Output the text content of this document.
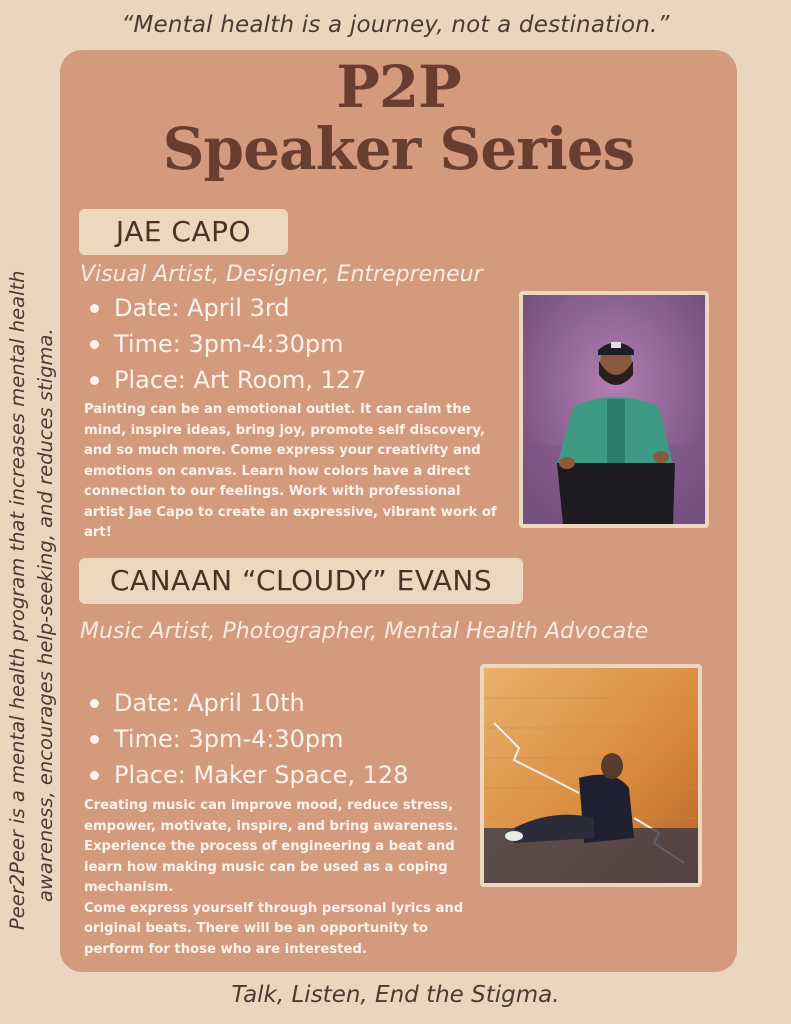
“Mental health is a journey, not a destination.”
Peer2Peer is a mental health program that increases mental health awareness, encourages help-seeking, and reduces stigma.
P2P
Speaker Series
JAE CAPO
Visual Artist, Designer, Entrepreneur
Date: April 3rd
Time: 3pm-4:30pm
Place: Art Room, 127
Painting can be an emotional outlet. It can calm the mind, inspire ideas, bring joy, promote self discovery, and so much more. Come express your creativity and emotions on canvas. Learn how colors have a direct connection to our feelings. Work with professional artist Jae Capo to create an expressive, vibrant work of art!
CANAAN “CLOUDY” EVANS
Music Artist, Photographer, Mental Health Advocate
Date: April 10th
Time: 3pm-4:30pm
Place: Maker Space, 128
Creating music can improve mood, reduce stress, empower, motivate, inspire, and bring awareness. Experience the process of engineering a beat and learn how making music can be used as a coping mechanism.
Come express yourself through personal lyrics and original beats. There will be an opportunity to perform for those who are interested.
Talk, Listen, End the Stigma.
